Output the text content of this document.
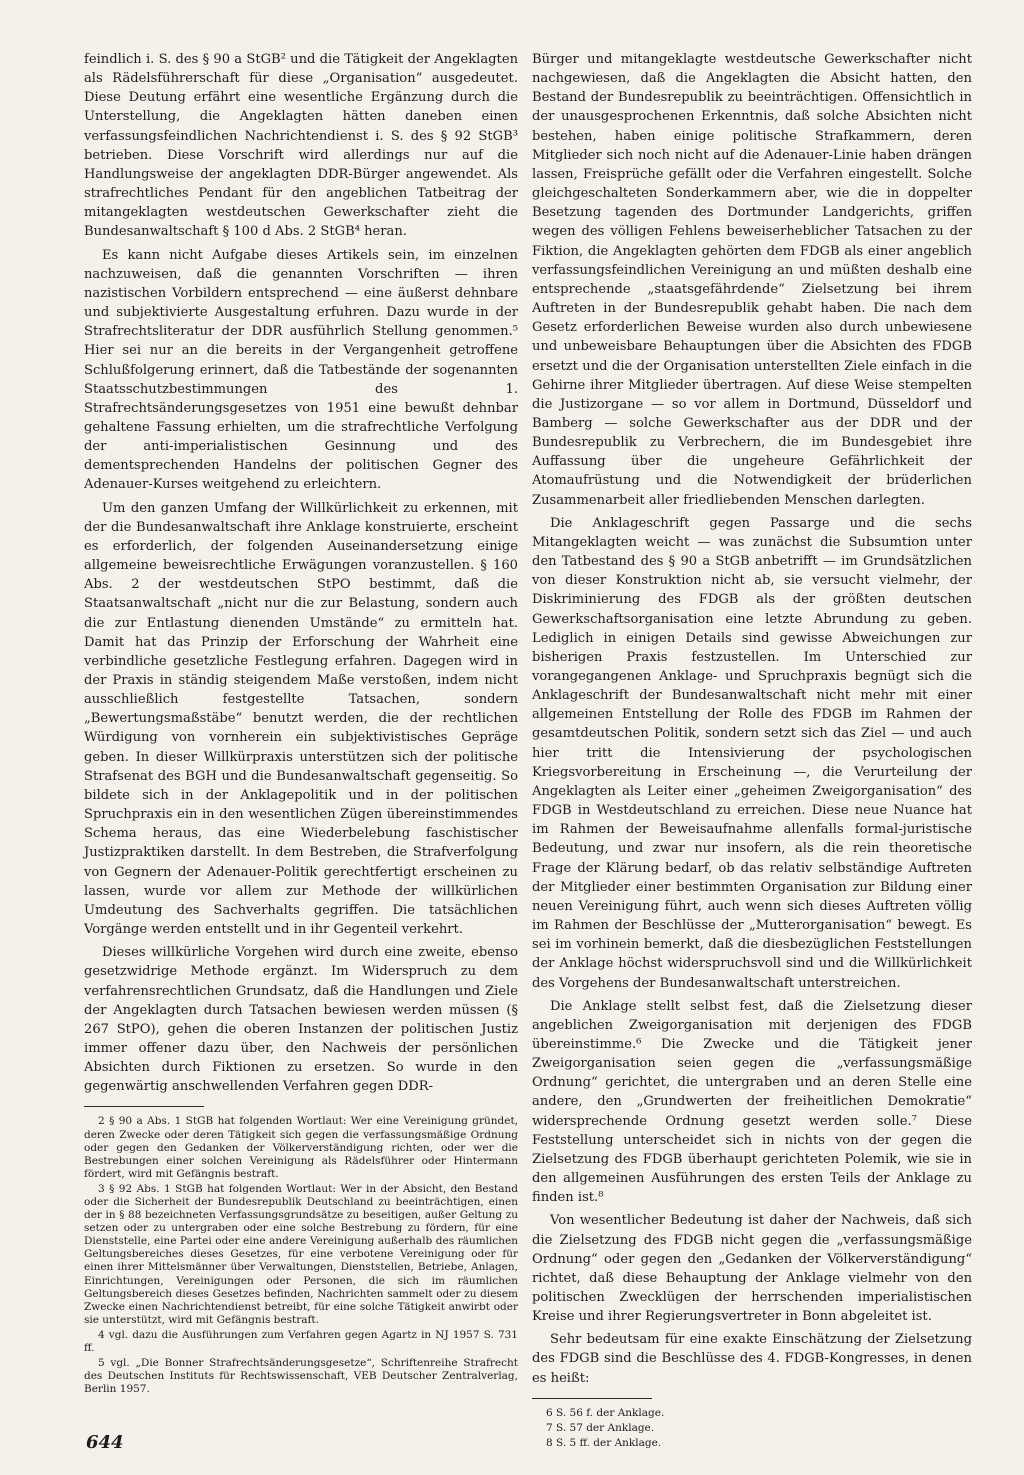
feindlich i. S. des § 90 a StGB² und die Tätigkeit der Angeklagten als Rädelsführerschaft für diese „Organisation“ ausgedeutet. Diese Deutung erfährt eine wesentliche Ergänzung durch die Unterstellung, die Angeklagten hätten daneben einen verfassungsfeindlichen Nachrichtendienst i. S. des § 92 StGB³ betrieben. Diese Vorschrift wird allerdings nur auf die Handlungsweise der angeklagten DDR-Bürger angewendet. Als strafrechtliches Pendant für den angeblichen Tatbeitrag der mitangeklagten westdeutschen Gewerkschafter zieht die Bundesanwaltschaft § 100 d Abs. 2 StGB⁴ heran.

Es kann nicht Aufgabe dieses Artikels sein, im einzelnen nachzuweisen, daß die genannten Vorschriften — ihren nazistischen Vorbildern entsprechend — eine äußerst dehnbare und subjektivierte Ausgestaltung erfuhren. Dazu wurde in der Strafrechtsliteratur der DDR ausführlich Stellung genommen.⁵ Hier sei nur an die bereits in der Vergangenheit getroffene Schlußfolgerung erinnert, daß die Tatbestände der sogenannten Staatsschutzbestimmungen des 1. Strafrechtsänderungsgesetzes von 1951 eine bewußt dehnbar gehaltene Fassung erhielten, um die strafrechtliche Verfolgung der anti-imperialistischen Gesinnung und des dementsprechenden Handelns der politischen Gegner des Adenauer-Kurses weitgehend zu erleichtern.

Um den ganzen Umfang der Willkürlichkeit zu erkennen, mit der die Bundesanwaltschaft ihre Anklage konstruierte, erscheint es erforderlich, der folgenden Auseinandersetzung einige allgemeine beweisrechtliche Erwägungen voranzustellen. § 160 Abs. 2 der westdeutschen StPO bestimmt, daß die Staatsanwaltschaft „nicht nur die zur Belastung, sondern auch die zur Entlastung dienenden Umstände“ zu ermitteln hat. Damit hat das Prinzip der Erforschung der Wahrheit eine verbindliche gesetzliche Festlegung erfahren. Dagegen wird in der Praxis in ständig steigendem Maße verstoßen, indem nicht ausschließlich festgestellte Tatsachen, sondern „Bewertungsmaßstäbe“ benutzt werden, die der rechtlichen Würdigung von vornherein ein subjektivistisches Gepräge geben. In dieser Willkürpraxis unterstützen sich der politische Strafsenat des BGH und die Bundesanwaltschaft gegenseitig. So bildete sich in der Anklagepolitik und in der politischen Spruchpraxis ein in den wesentlichen Zügen übereinstimmendes Schema heraus, das eine Wiederbelebung faschistischer Justizpraktiken darstellt. In dem Bestreben, die Strafverfolgung von Gegnern der Adenauer-Politik gerechtfertigt erscheinen zu lassen, wurde vor allem zur Methode der willkürlichen Umdeutung des Sachverhalts gegriffen. Die tatsächlichen Vorgänge werden entstellt und in ihr Gegenteil verkehrt.

Dieses willkürliche Vorgehen wird durch eine zweite, ebenso gesetzwidrige Methode ergänzt. Im Widerspruch zu dem verfahrensrechtlichen Grundsatz, daß die Handlungen und Ziele der Angeklagten durch Tatsachen bewiesen werden müssen (§ 267 StPO), gehen die oberen Instanzen der politischen Justiz immer offener dazu über, den Nachweis der persönlichen Absichten durch Fiktionen zu ersetzen. So wurde in den gegenwärtig anschwellenden Verfahren gegen DDR-

2 § 90 a Abs. 1 StGB hat folgenden Wortlaut: Wer eine Vereinigung gründet, deren Zwecke oder deren Tätigkeit sich gegen die verfassungsmäßige Ordnung oder gegen den Gedanken der Völkerverständigung richten, oder wer die Bestrebungen einer solchen Vereinigung als Rädelsführer oder Hintermann fördert, wird mit Gefängnis bestraft.

3 § 92 Abs. 1 StGB hat folgenden Wortlaut: Wer in der Absicht, den Bestand oder die Sicherheit der Bundesrepublik Deutschland zu beeinträchtigen, einen der in § 88 bezeichneten Verfassungsgrundsätze zu beseitigen, außer Geltung zu setzen oder zu untergraben oder eine solche Bestrebung zu fördern, für eine Dienststelle, eine Partei oder eine andere Vereinigung außerhalb des räumlichen Geltungsbereiches dieses Gesetzes, für eine verbotene Vereinigung oder für einen ihrer Mittelsmänner über Verwaltungen, Dienststellen, Betriebe, Anlagen, Einrichtungen, Vereinigungen oder Personen, die sich im räumlichen Geltungsbereich dieses Gesetzes befinden, Nachrichten sammelt oder zu diesem Zwecke einen Nachrichtendienst betreibt, für eine solche Tätigkeit anwirbt oder sie unterstützt, wird mit Gefängnis bestraft.

4 vgl. dazu die Ausführungen zum Verfahren gegen Agartz in NJ 1957 S. 731 ff.

5 vgl. „Die Bonner Strafrechtsänderungsgesetze“, Schriftenreihe Strafrecht des Deutschen Instituts für Rechtswissenschaft, VEB Deutscher Zentralverlag, Berlin 1957.

Bürger und mitangeklagte westdeutsche Gewerkschafter nicht nachgewiesen, daß die Angeklagten die Absicht hatten, den Bestand der Bundesrepublik zu beeinträchtigen. Offensichtlich in der unausgesprochenen Erkenntnis, daß solche Absichten nicht bestehen, haben einige politische Strafkammern, deren Mitglieder sich noch nicht auf die Adenauer-Linie haben drängen lassen, Freisprüche gefällt oder die Verfahren eingestellt. Solche gleichgeschalteten Sonderkammern aber, wie die in doppelter Besetzung tagenden des Dortmunder Landgerichts, griffen wegen des völligen Fehlens beweiserheblicher Tatsachen zu der Fiktion, die Angeklagten gehörten dem FDGB als einer angeblich verfassungsfeindlichen Vereinigung an und müßten deshalb eine entsprechende „staatsgefährdende“ Zielsetzung bei ihrem Auftreten in der Bundesrepublik gehabt haben. Die nach dem Gesetz erforderlichen Beweise wurden also durch unbewiesene und unbeweisbare Behauptungen über die Absichten des FDGB ersetzt und die der Organisation unterstellten Ziele einfach in die Gehirne ihrer Mitglieder übertragen. Auf diese Weise stempelten die Justizorgane — so vor allem in Dortmund, Düsseldorf und Bamberg — solche Gewerkschafter aus der DDR und der Bundesrepublik zu Verbrechern, die im Bundesgebiet ihre Auffassung über die ungeheure Gefährlichkeit der Atomaufrüstung und die Notwendigkeit der brüderlichen Zusammenarbeit aller friedliebenden Menschen darlegten.

Die Anklageschrift gegen Passarge und die sechs Mitangeklagten weicht — was zunächst die Subsumtion unter den Tatbestand des § 90 a StGB anbetrifft — im Grundsätzlichen von dieser Konstruktion nicht ab, sie versucht vielmehr, der Diskriminierung des FDGB als der größten deutschen Gewerkschaftsorganisation eine letzte Abrundung zu geben. Lediglich in einigen Details sind gewisse Abweichungen zur bisherigen Praxis festzustellen. Im Unterschied zur vorangegangenen Anklage- und Spruchpraxis begnügt sich die Anklageschrift der Bundesanwaltschaft nicht mehr mit einer allgemeinen Entstellung der Rolle des FDGB im Rahmen der gesamtdeutschen Politik, sondern setzt sich das Ziel — und auch hier tritt die Intensivierung der psychologischen Kriegsvorbereitung in Erscheinung —, die Verurteilung der Angeklagten als Leiter einer „geheimen Zweigorganisation“ des FDGB in Westdeutschland zu erreichen. Diese neue Nuance hat im Rahmen der Beweisaufnahme allenfalls formal-juristische Bedeutung, und zwar nur insofern, als die rein theoretische Frage der Klärung bedarf, ob das relativ selbständige Auftreten der Mitglieder einer bestimmten Organisation zur Bildung einer neuen Vereinigung führt, auch wenn sich dieses Auftreten völlig im Rahmen der Beschlüsse der „Mutterorganisation“ bewegt. Es sei im vorhinein bemerkt, daß die diesbezüglichen Feststellungen der Anklage höchst widerspruchsvoll sind und die Willkürlichkeit des Vorgehens der Bundesanwaltschaft unterstreichen.

Die Anklage stellt selbst fest, daß die Zielsetzung dieser angeblichen Zweigorganisation mit derjenigen des FDGB übereinstimme.⁶ Die Zwecke und die Tätigkeit jener Zweigorganisation seien gegen die „verfassungsmäßige Ordnung“ gerichtet, die untergraben und an deren Stelle eine andere, den „Grundwerten der freiheitlichen Demokratie“ widersprechende Ordnung gesetzt werden solle.⁷ Diese Feststellung unterscheidet sich in nichts von der gegen die Zielsetzung des FDGB überhaupt gerichteten Polemik, wie sie in den allgemeinen Ausführungen des ersten Teils der Anklage zu finden ist.⁸

Von wesentlicher Bedeutung ist daher der Nachweis, daß sich die Zielsetzung des FDGB nicht gegen die „verfassungsmäßige Ordnung“ oder gegen den „Gedanken der Völkerverständigung“ richtet, daß diese Behauptung der Anklage vielmehr von den politischen Zwecklügen der herrschenden imperialistischen Kreise und ihrer Regierungsvertreter in Bonn abgeleitet ist.

Sehr bedeutsam für eine exakte Einschätzung der Zielsetzung des FDGB sind die Beschlüsse des 4. FDGB-Kongresses, in denen es heißt:

6 S. 56 f. der Anklage.

7 S. 57 der Anklage.

8 S. 5 ff. der Anklage.

644
